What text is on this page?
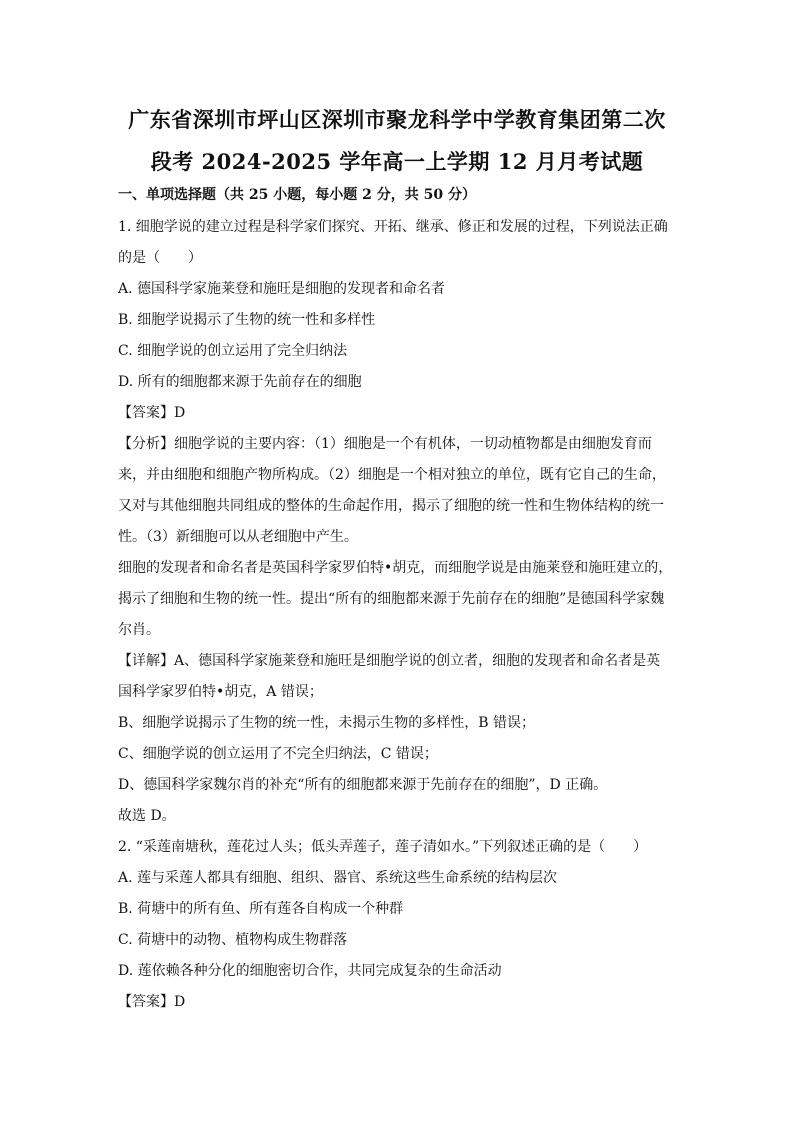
广东省深圳市坪山区深圳市聚龙科学中学教育集团第二次
段考 2024-2025 学年高一上学期 12 月月考试题
一、单项选择题（共 25 小题，每小题 2 分，共 50 分）
1. 细胞学说的建立过程是科学家们探究、开拓、继承、修正和发展的过程，下列说法正确
的是（　　）
A. 德国科学家施莱登和施旺是细胞的发现者和命名者
B. 细胞学说揭示了生物的统一性和多样性
C. 细胞学说的创立运用了完全归纳法
D. 所有的细胞都来源于先前存在的细胞
【答案】D
【分析】细胞学说的主要内容：（1）细胞是一个有机体，一切动植物都是由细胞发育而
来，并由细胞和细胞产物所构成。（2）细胞是一个相对独立的单位，既有它自己的生命，
又对与其他细胞共同组成的整体的生命起作用，揭示了细胞的统一性和生物体结构的统一
性。（3）新细胞可以从老细胞中产生。
细胞的发现者和命名者是英国科学家罗伯特•胡克，而细胞学说是由施莱登和施旺建立的，
揭示了细胞和生物的统一性。提出“所有的细胞都来源于先前存在的细胞”是德国科学家魏
尔肖。
【详解】A、德国科学家施莱登和施旺是细胞学说的创立者，细胞的发现者和命名者是英
国科学家罗伯特•胡克，A 错误；
B、细胞学说揭示了生物的统一性，未揭示生物的多样性，B 错误；
C、细胞学说的创立运用了不完全归纳法，C 错误；
D、德国科学家魏尔肖的补充“所有的细胞都来源于先前存在的细胞”，D 正确。
故选 D。
2. “采莲南塘秋，莲花过人头；低头弄莲子，莲子清如水。”下列叙述正确的是（　　）
A. 莲与采莲人都具有细胞、组织、器官、系统这些生命系统的结构层次
B. 荷塘中的所有鱼、所有莲各自构成一个种群
C. 荷塘中的动物、植物构成生物群落
D. 莲依赖各种分化的细胞密切合作，共同完成复杂的生命活动
【答案】D
